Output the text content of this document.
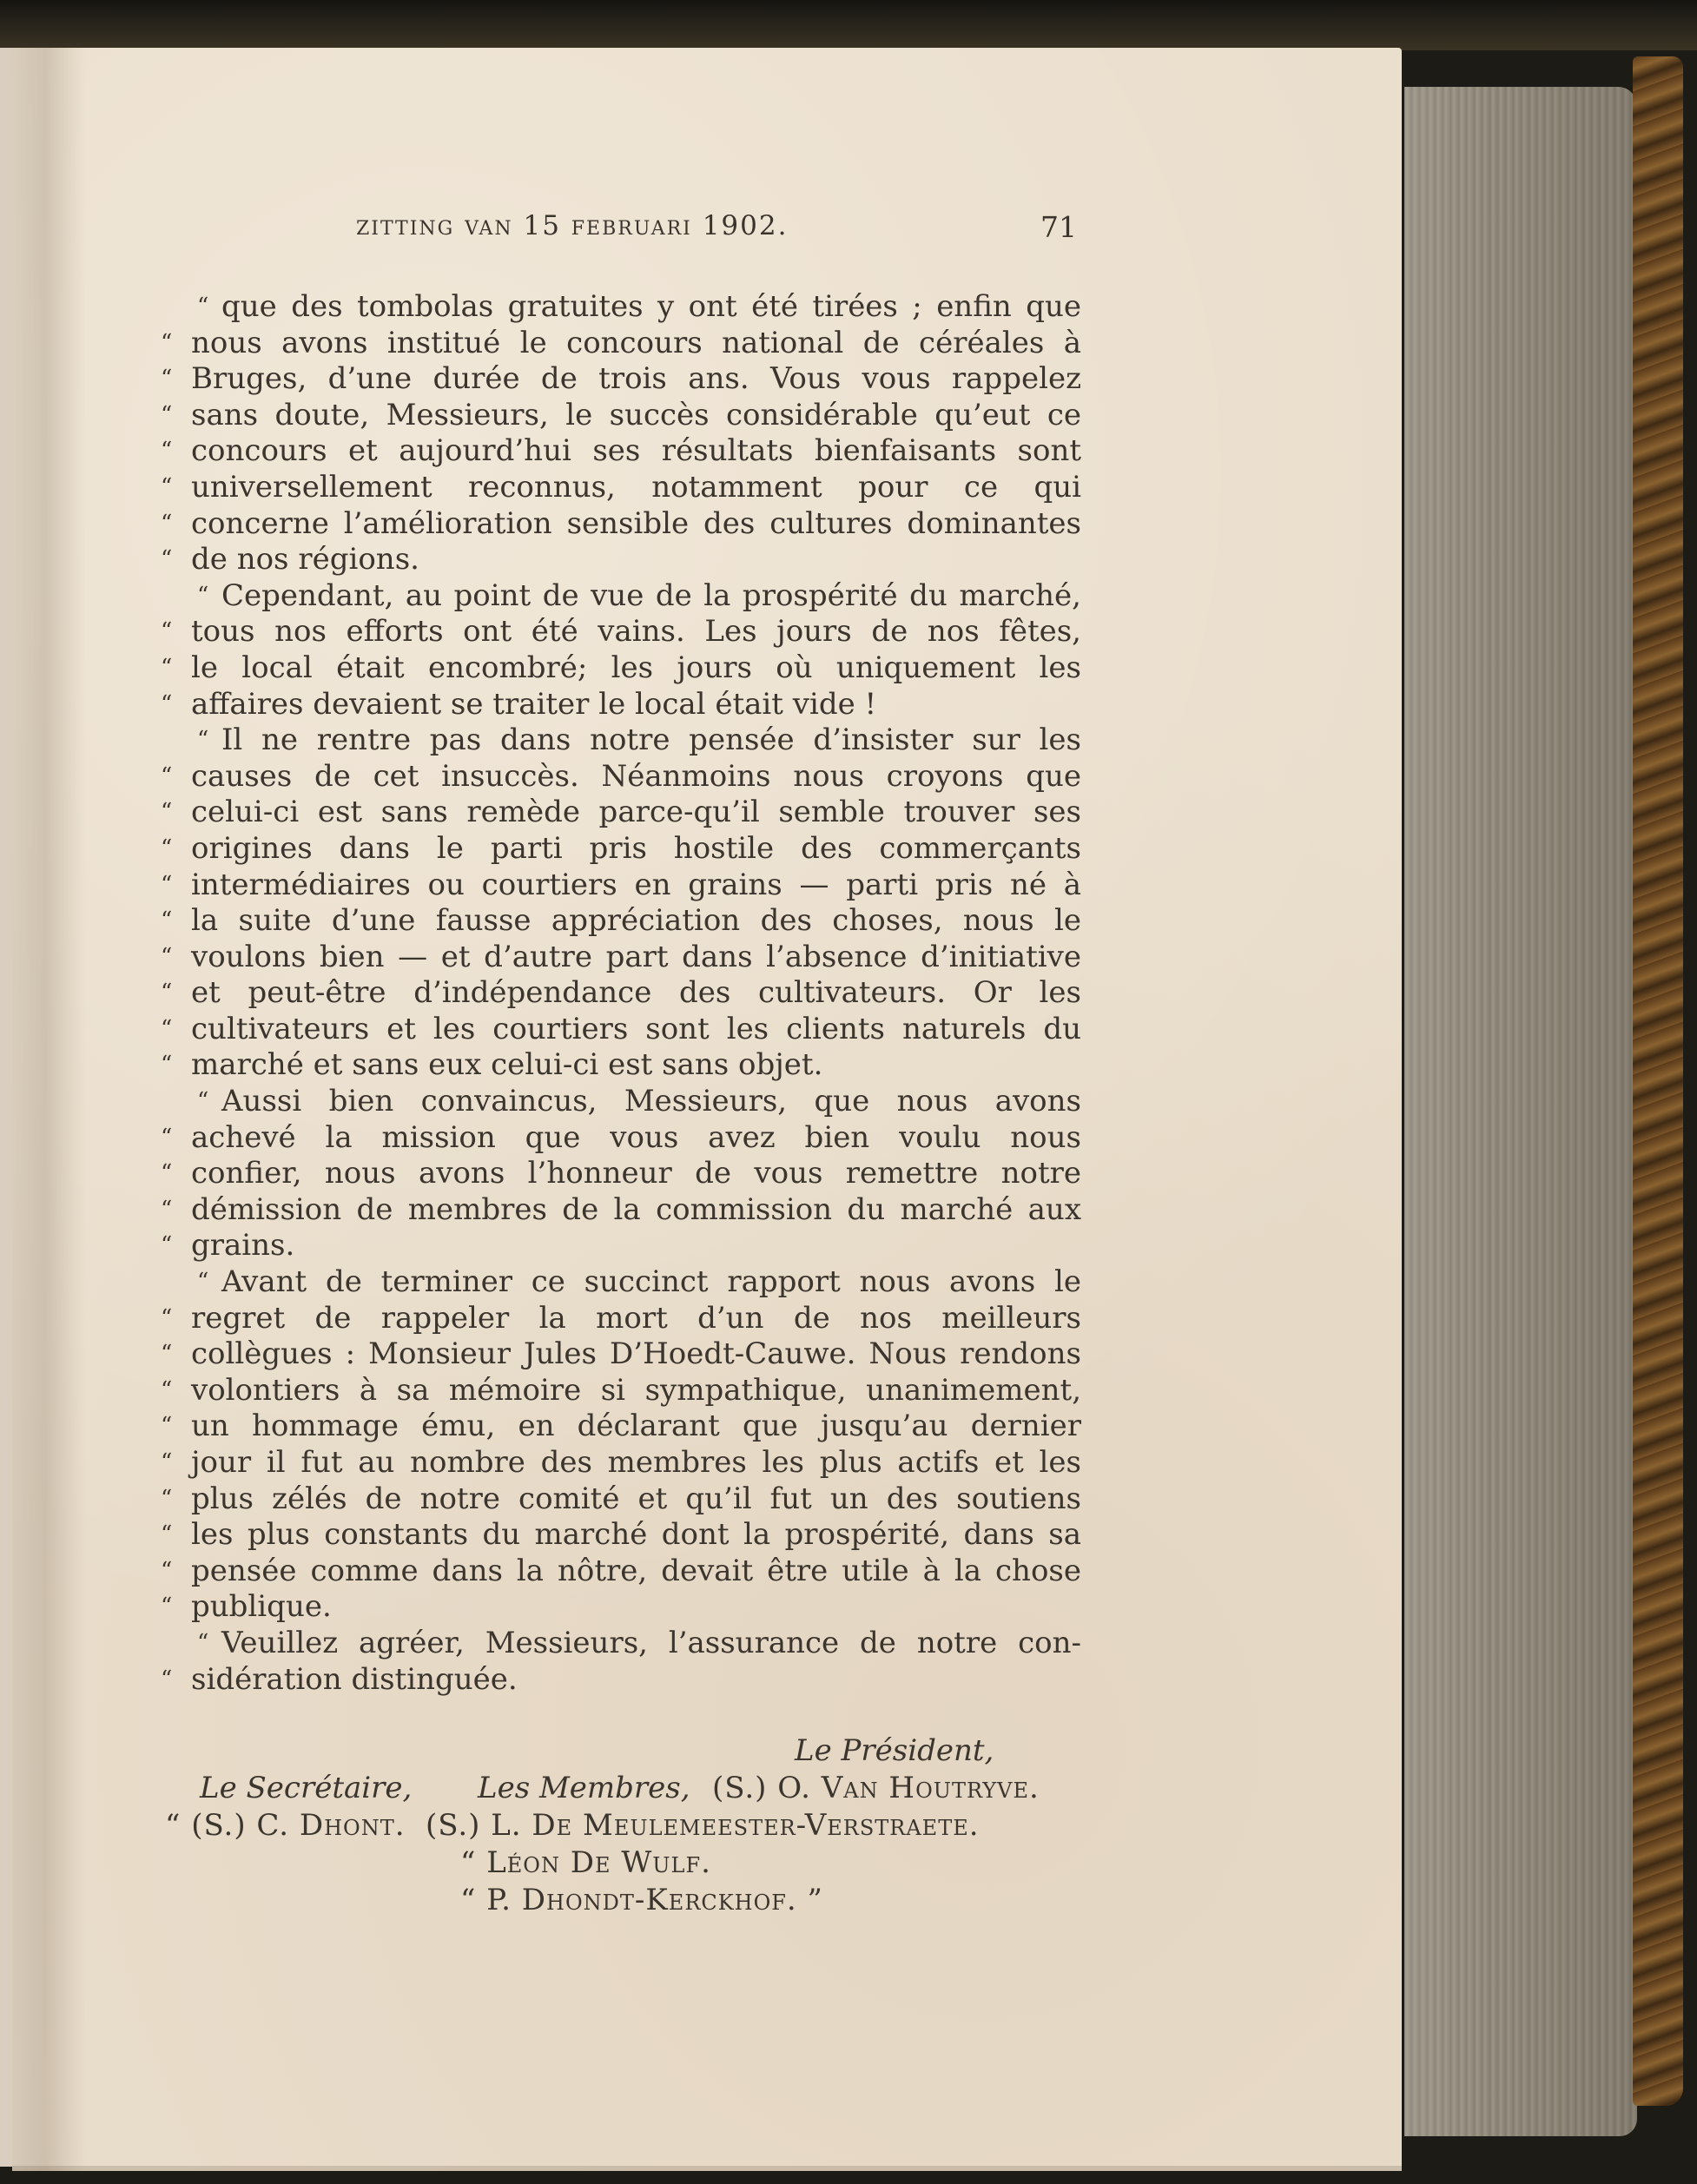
zitting van 15 februari 1902.	71
“ que des tombolas gratuites y ont été tirées ; enfin que
“ nous avons institué le concours national de céréales à
“ Bruges, d’une durée de trois ans. Vous vous rappelez
“ sans doute, Messieurs, le succès considérable qu’eut ce
“ concours et aujourd’hui ses résultats bienfaisants sont
“ universellement reconnus, notamment pour ce qui
“ concerne l’amélioration sensible des cultures dominantes
“ de nos régions.
“ Cependant, au point de vue de la prospérité du marché,
“ tous nos efforts ont été vains. Les jours de nos fêtes,
“ le local était encombré; les jours où uniquement les
“ affaires devaient se traiter le local était vide !
“ Il ne rentre pas dans notre pensée d’insister sur les
“ causes de cet insuccès. Néanmoins nous croyons que
“ celui-ci est sans remède parce-qu’il semble trouver ses
“ origines dans le parti pris hostile des commerçants
“ intermédiaires ou courtiers en grains — parti pris né à
“ la suite d’une fausse appréciation des choses, nous le
“ voulons bien — et d’autre part dans l’absence d’initiative
“ et peut-être d’indépendance des cultivateurs. Or les
“ cultivateurs et les courtiers sont les clients naturels du
“ marché et sans eux celui-ci est sans objet.
“ Aussi bien convaincus, Messieurs, que nous avons
“ achevé la mission que vous avez bien voulu nous
“ confier, nous avons l’honneur de vous remettre notre
“ démission de membres de la commission du marché aux
“ grains.
“ Avant de terminer ce succinct rapport nous avons le
“ regret de rappeler la mort d’un de nos meilleurs
“ collègues : Monsieur Jules D’Hoedt-Cauwe. Nous rendons
“ volontiers à sa mémoire si sympathique, unanimement,
“ un hommage ému, en déclarant que jusqu’au dernier
“ jour il fut au nombre des membres les plus actifs et les
“ plus zélés de notre comité et qu’il fut un des soutiens
“ les plus constants du marché dont la prospérité, dans sa
“ pensée comme dans la nôtre, devait être utile à la chose
“ publique.
“ Veuillez agréer, Messieurs, l’assurance de notre con-
“ sidération distinguée.
Le Président,
Le Secrétaire, Les Membres, (S.) O. Van Houtryve.
“ (S.) C. Dhont. (S.) L. De Meulemeester-Verstraete.
“ Léon De Wulf.
“ P. Dhondt-Kerckhof. ”
